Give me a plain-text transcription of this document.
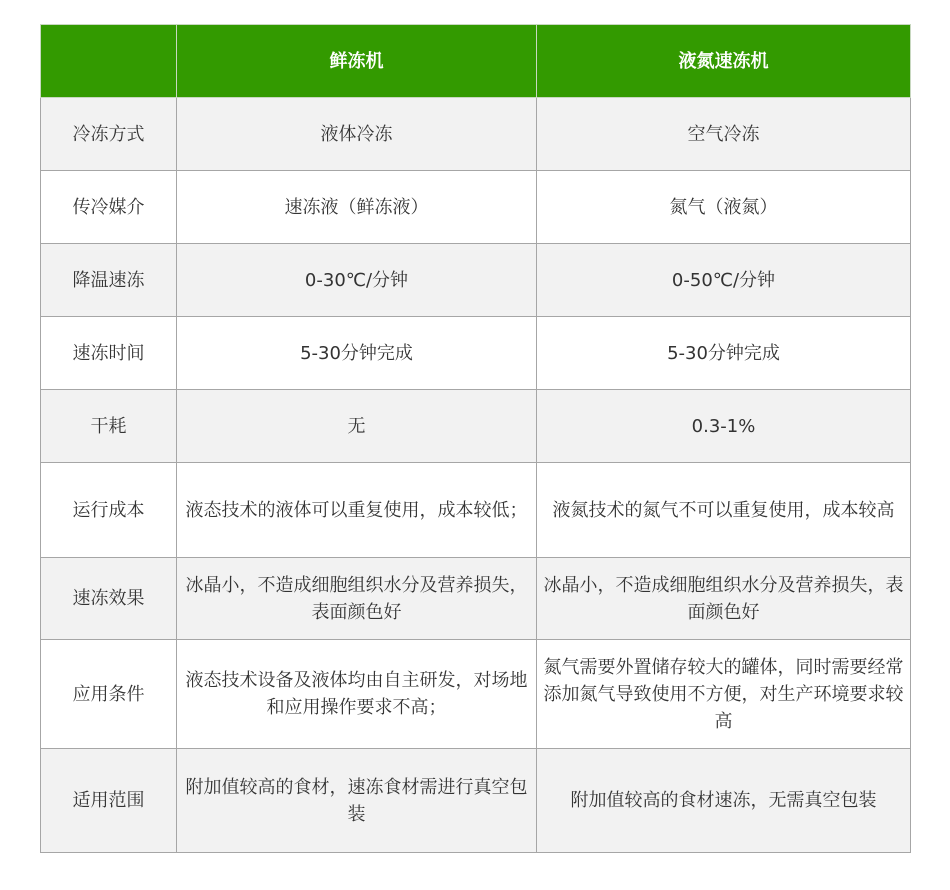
	鲜冻机	液氮速冻机
冷冻方式	液体冷冻	空气冷冻
传冷媒介	速冻液（鲜冻液）	氮气（液氮）
降温速冻	0-30℃/分钟	0-50℃/分钟
速冻时间	5-30分钟完成	5-30分钟完成
干耗	无	0.3-1%
运行成本	液态技术的液体可以重复使用，成本较低；	液氮技术的氮气不可以重复使用，成本较高
速冻效果	冰晶小，不造成细胞组织水分及营养损失，表面颜色好	冰晶小，不造成细胞组织水分及营养损失，表面颜色好
应用条件	液态技术设备及液体均由自主研发，对场地和应用操作要求不高；	氮气需要外置储存较大的罐体，同时需要经常添加氮气导致使用不方便，对生产环境要求较高
适用范围	附加值较高的食材，速冻食材需进行真空包装	附加值较高的食材速冻，无需真空包装
